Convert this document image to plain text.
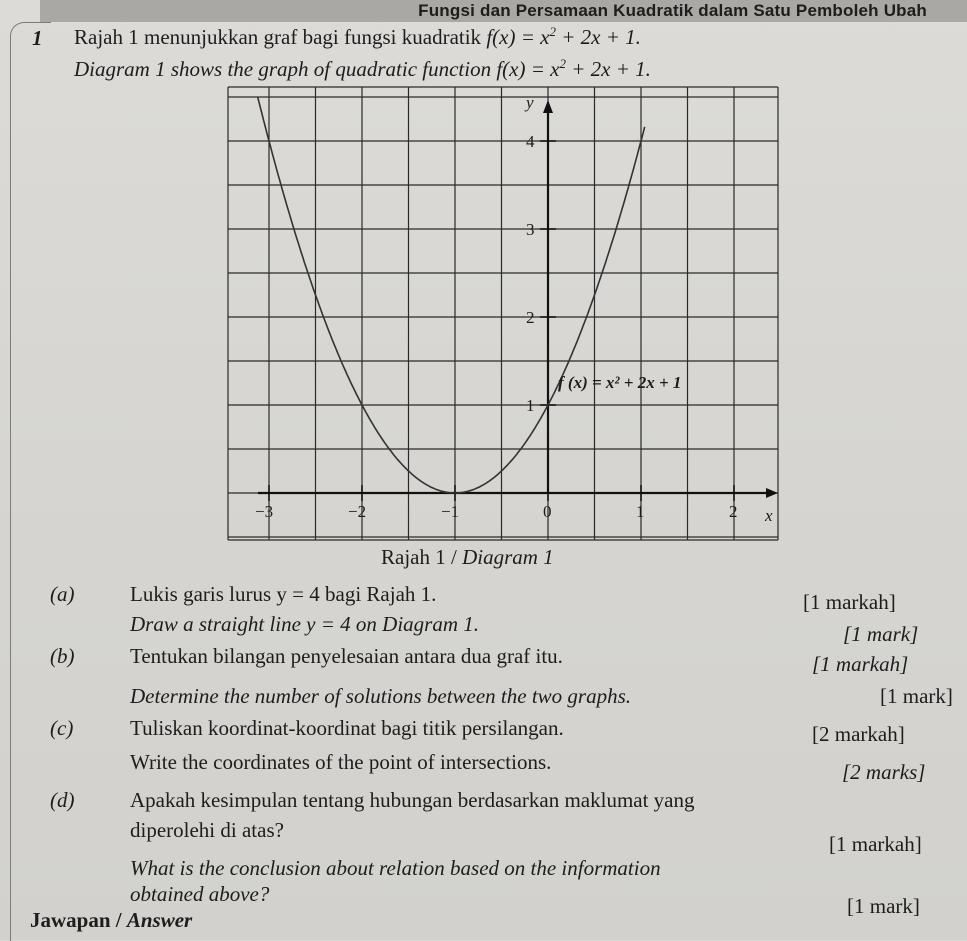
Fungsi dan Persamaan Kuadratik dalam Satu Pemboleh Ubah
1 Rajah 1 menunjukkan graf bagi fungsi kuadratik $f(x) = x^2 + 2x + 1$.
Diagram 1 shows the graph of quadratic function $f(x) = x^2 + 2x + 1$.
−3	−2	−1	0	1	2
1
2
3
4
x
y
f (x) = x² + 2x + 1
Rajah 1 / Diagram 1
(a)	Lukis garis lurus y = 4 bagi Rajah 1.	[1 markah]
Draw a straight line y = 4 on Diagram 1.	[1 mark]
(b)	Tentukan bilangan penyelesaian antara dua graf itu.	[1 markah]
Determine the number of solutions between the two graphs.	[1 mark]
(c)	Tuliskan koordinat-koordinat bagi titik persilangan.	[2 markah]
Write the coordinates of the point of intersections.	[2 marks]
(d)	Apakah kesimpulan tentang hubungan berdasarkan maklumat yang
diperolehi di atas?
[1 markah]
What is the conclusion about relation based on the information
obtained above?	[1 mark]
Jawapan / Answer
